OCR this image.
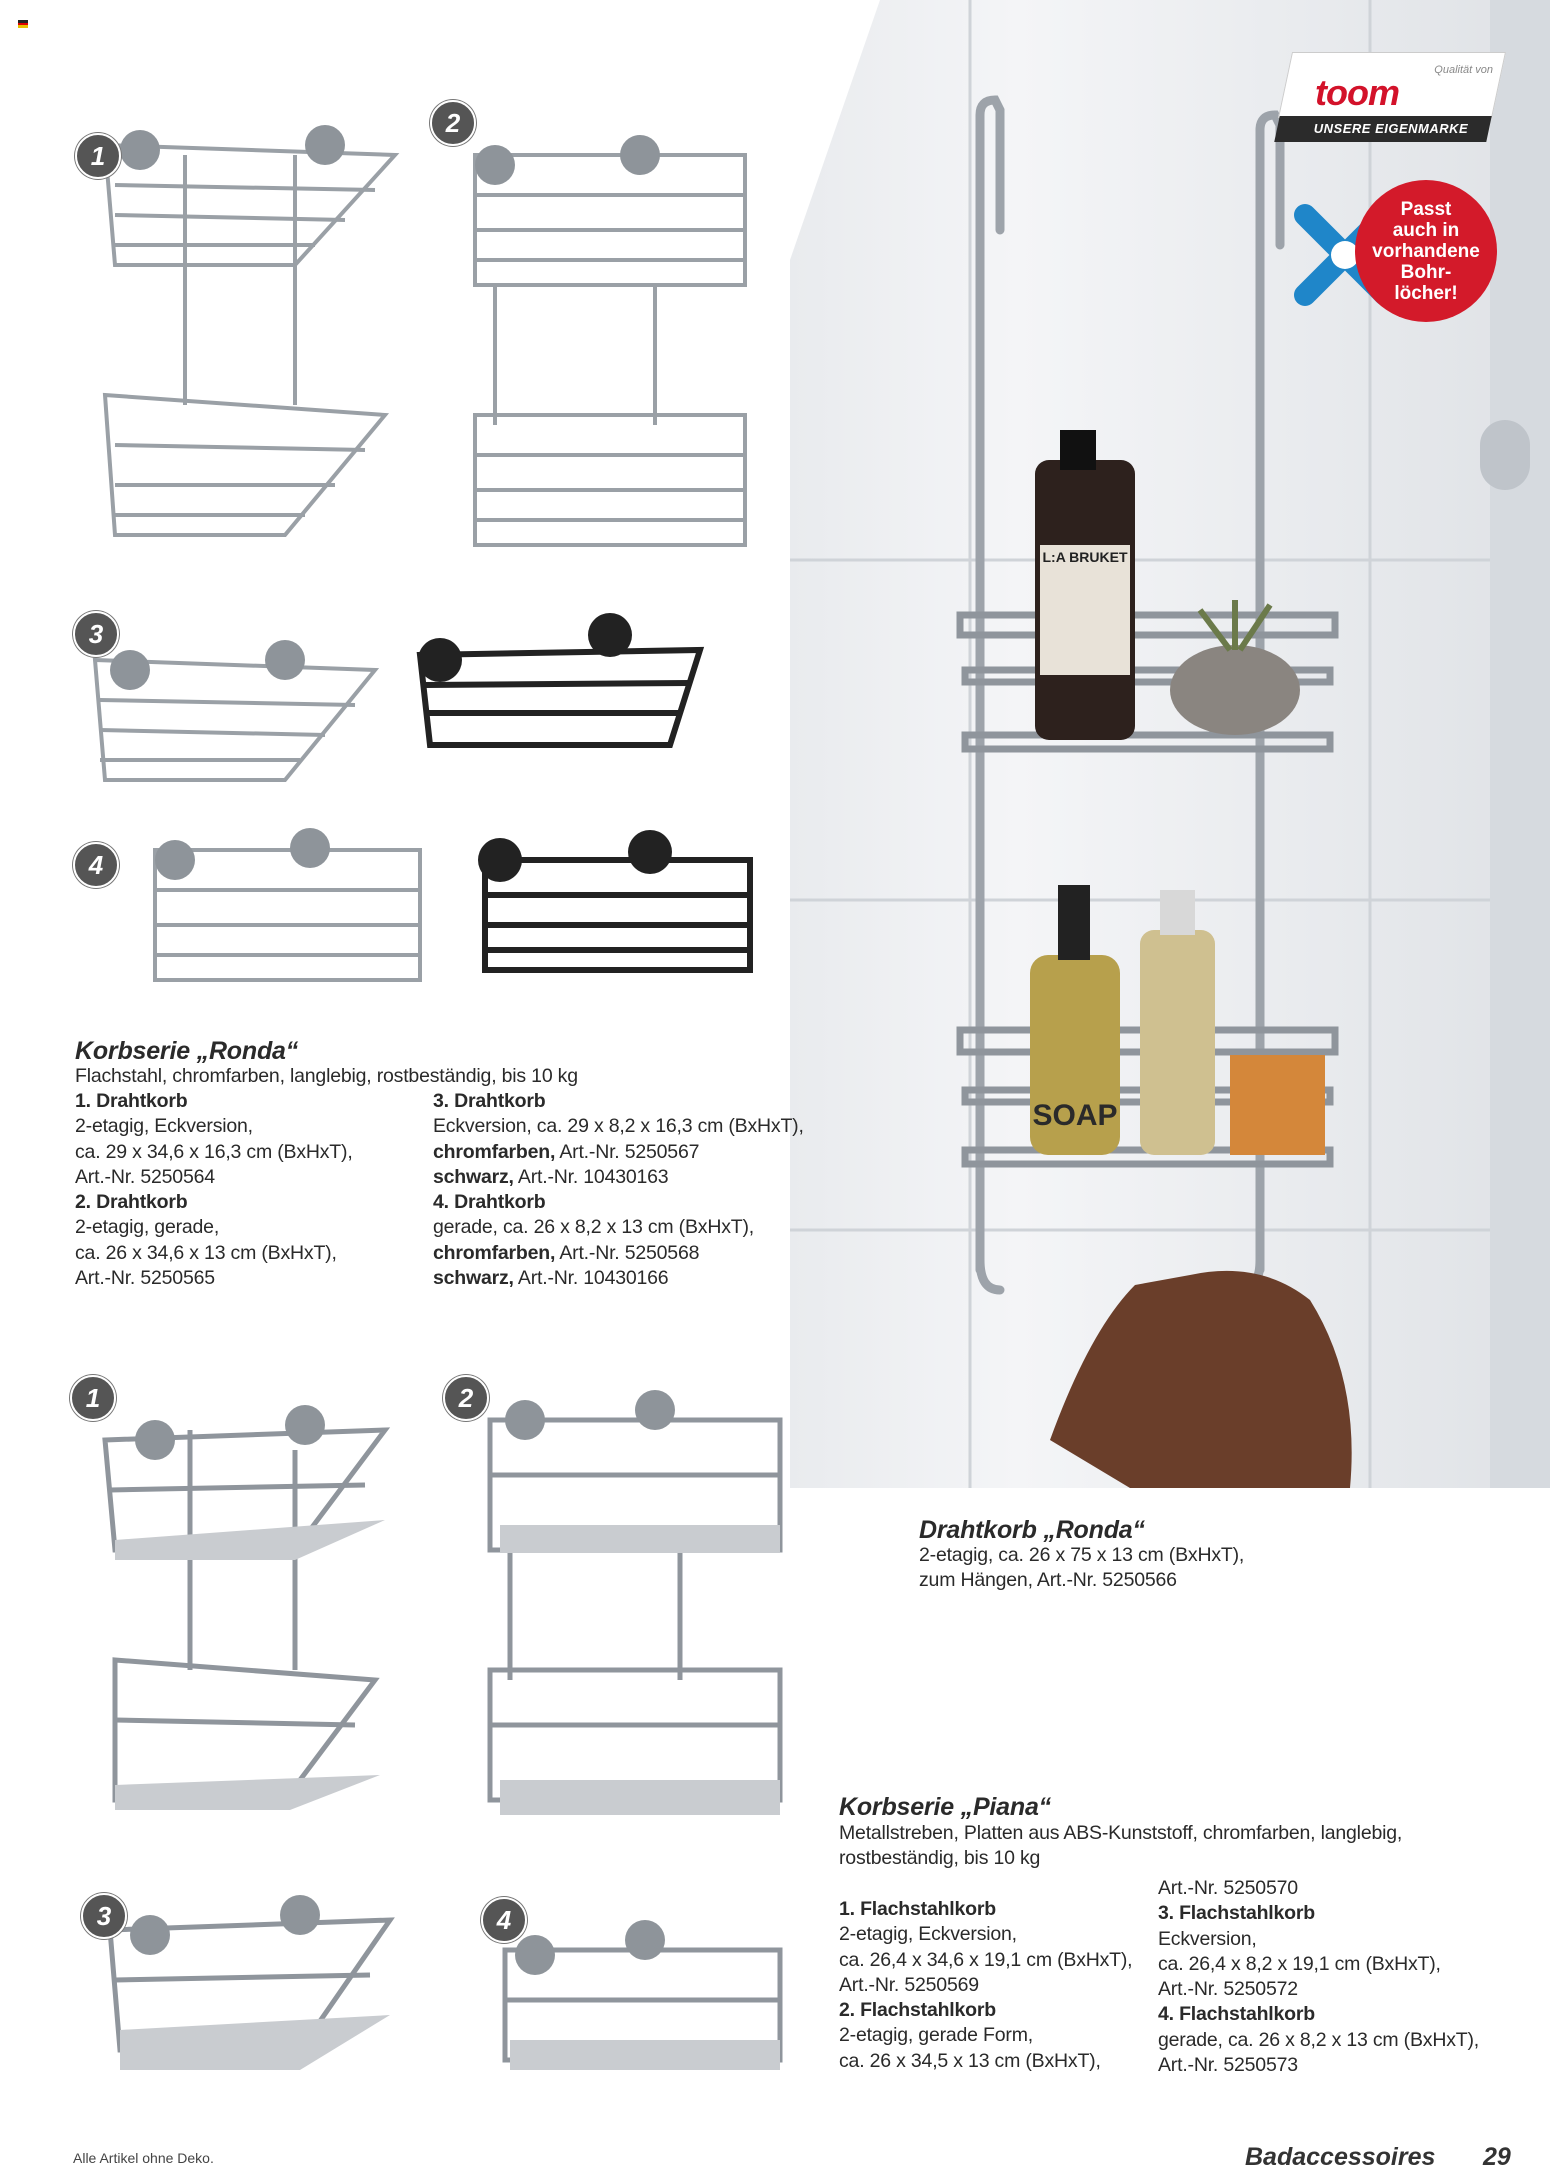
L:A BRUKET
SOAP
Qualität von
toom
UNSERE EIGENMARKE
Passt
auch in
vorhandene
Bohr-
löcher!
1
2
3
4
Korbserie „Ronda“
Flachstahl, chromfarben, langlebig, rostbeständig, bis 10 kg
1. Drahtkorb
2-etagig, Eckversion,
ca. 29 x 34,6 x 16,3 cm (BxHxT),
Art.-Nr. 5250564
2. Drahtkorb
2-etagig, gerade,
ca. 26 x 34,6 x 13 cm (BxHxT),
Art.-Nr. 5250565
3. Drahtkorb
Eckversion, ca. 29 x 8,2 x 16,3 cm (BxHxT),
chromfarben, Art.-Nr. 5250567
schwarz, Art.-Nr. 10430163
4. Drahtkorb
gerade, ca. 26 x 8,2 x 13 cm (BxHxT),
chromfarben, Art.-Nr. 5250568
schwarz, Art.-Nr. 10430166
Drahtkorb „Ronda“
2-etagig, ca. 26 x 75 x 13 cm (BxHxT),
zum Hängen, Art.-Nr. 5250566
1	2
3	4
Korbserie „Piana“
Metallstreben, Platten aus ABS-Kunststoff, chromfarben, langlebig,
rostbeständig, bis 10 kg
1. Flachstahlkorb
2-etagig, Eckversion,
ca. 26,4 x 34,6 x 19,1 cm (BxHxT),
Art.-Nr. 5250569
2. Flachstahlkorb
2-etagig, gerade Form,
ca. 26 x 34,5 x 13 cm (BxHxT),
Art.-Nr. 5250570
3. Flachstahlkorb
Eckversion,
ca. 26,4 x 8,2 x 19,1 cm (BxHxT),
Art.-Nr. 5250572
4. Flachstahlkorb
gerade, ca. 26 x 8,2 x 13 cm (BxHxT),
Art.-Nr. 5250573
Alle Artikel ohne Deko.	Badaccessoires 29
